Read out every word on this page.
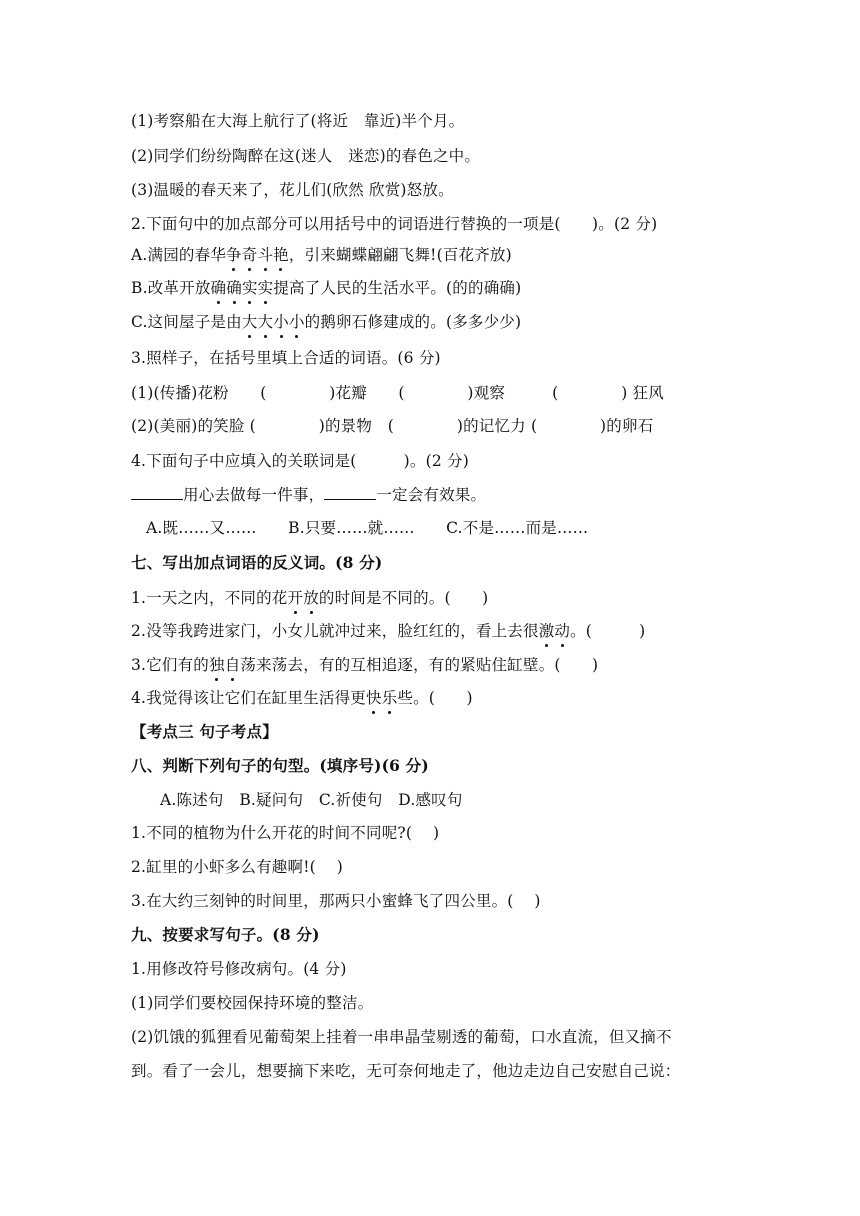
(1)考察船在大海上航行了(将近　靠近)半个月。
(2)同学们纷纷陶醉在这(迷人　迷恋)的春色之中。
(3)温暖的春天来了，花儿们(欣然 欣赏)怒放。
2.下面句中的加点部分可以用括号中的词语进行替换的一项是(　　)。(2 分)
A.满园的春华争奇斗艳，引来蝴蝶翩翩飞舞!(百花齐放)
B.改革开放确确实实提高了人民的生活水平。(的的确确)
C.这间屋子是由大大小小的鹅卵石修建成的。(多多少少)
3.照样子，在括号里填上合适的词语。(6 分)
(1)(传播)花粉　　(　　　　)花瓣　　(　　　　)观察　　　(　　　　) 狂风
(2)(美丽)的笑脸 (　　　　)的景物　(　　　　)的记忆力 (　　　　)的卵石
4.下面句子中应填入的关联词是(　　　)。(2 分)
用心去做每一件事，	一定会有效果。
A.既……又……　　B.只要……就……　　C.不是……而是……
七、写出加点词语的反义词。(8 分)
1.一天之内，不同的花开放的时间是不同的。(　　)
2.没等我跨进家门，小女儿就冲过来，脸红红的，看上去很激动。(　　　)
3.它们有的独自荡来荡去，有的互相追逐，有的紧贴住缸壁。(　　)
4.我觉得该让它们在缸里生活得更快乐些。(　　)
【考点三 句子考点】
八、判断下列句子的句型。(填序号)(6 分)
A.陈述句　B.疑问句　C.祈使句　D.感叹句
1.不同的植物为什么开花的时间不同呢?(　 )
2.缸里的小虾多么有趣啊!(　 )
3.在大约三刻钟的时间里，那两只小蜜蜂飞了四公里。(　 )
九、按要求写句子。(8 分)
1.用修改符号修改病句。(4 分)
(1)同学们要校园保持环境的整洁。
(2)饥饿的狐狸看见葡萄架上挂着一串串晶莹剔透的葡萄，口水直流，但又摘不
到。看了一会儿，想要摘下来吃，无可奈何地走了，他边走边自己安慰自己说：
